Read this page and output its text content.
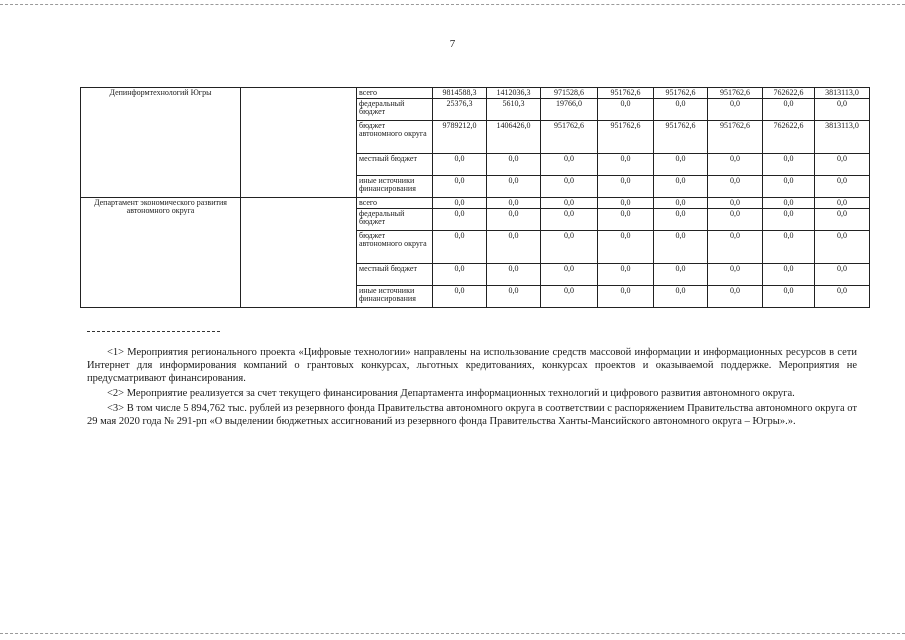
7
Депинформтехнологий Югры		всего	9814588,3	1412036,3	971528,6	951762,6	951762,6	951762,6	762622,6	3813113,0
		федеральный бюджет	25376,3	5610,3	19766,0	0,0	0,0	0,0	0,0	0,0
		бюджет автономного округа	9789212,0	1406426,0	951762,6	951762,6	951762,6	951762,6	762622,6	3813113,0
		местный бюджет	0,0	0,0	0,0	0,0	0,0	0,0	0,0	0,0
		иные источники финансирования	0,0	0,0	0,0	0,0	0,0	0,0	0,0	0,0
Департамент экономического развития автономного округа		всего	0,0	0,0	0,0	0,0	0,0	0,0	0,0	0,0
		федеральный бюджет	0,0	0,0	0,0	0,0	0,0	0,0	0,0	0,0
		бюджет автономного округа	0,0	0,0	0,0	0,0	0,0	0,0	0,0	0,0
		местный бюджет	0,0	0,0	0,0	0,0	0,0	0,0	0,0	0,0
		иные источники финансирования	0,0	0,0	0,0	0,0	0,0	0,0	0,0	0,0

<1> Мероприятия регионального проекта «Цифровые технологии» направлены на использование средств массовой информации и информационных ресурсов в сети Интернет для информирования компаний о грантовых конкурсах, льготных кредитованиях, конкурсах проектов и оказываемой поддержке. Мероприятия не предусматривают финансирования.

<2> Мероприятие реализуется за счет текущего финансирования Департамента информационных технологий и цифрового развития автономного округа.

<3> В том числе 5 894,762 тыс. рублей из резервного фонда Правительства автономного округа в соответствии с распоряжением Правительства автономного округа от 29 мая 2020 года № 291-рп «О выделении бюджетных ассигнований из резервного фонда Правительства Ханты-Мансийского автономного округа – Югры».».
